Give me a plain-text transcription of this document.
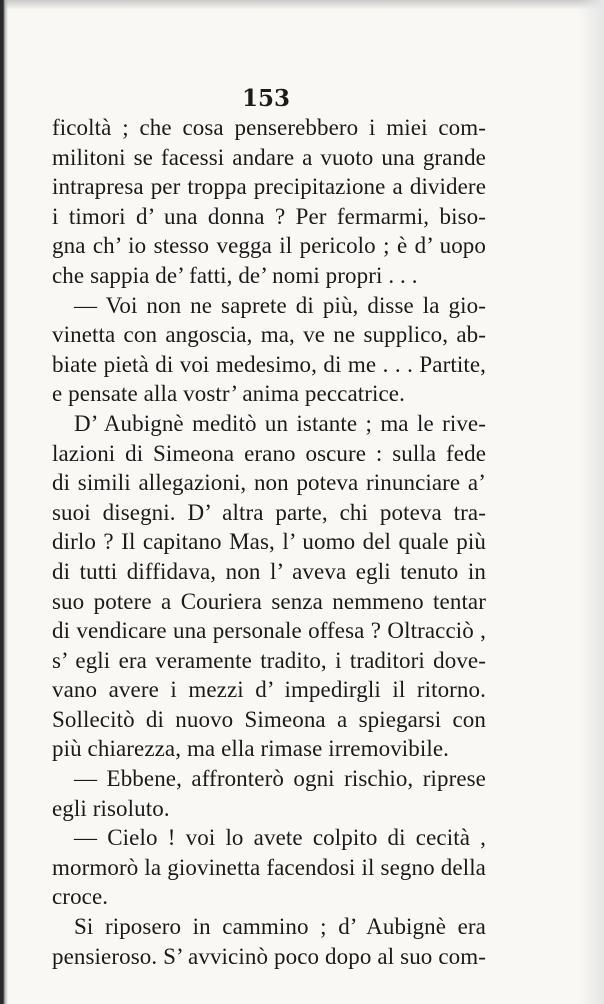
153
ficoltà ; che cosa penserebbero i miei com-
militoni se facessi andare a vuoto una grande
intrapresa per troppa precipitazione a dividere
i timori d’ una donna ? Per fermarmi, biso-
gna ch’ io stesso vegga il pericolo ; è d’ uopo
che sappia de’ fatti, de’ nomi propri . . .
— Voi non ne saprete di più, disse la gio-
vinetta con angoscia, ma, ve ne supplico, ab-
biate pietà di voi medesimo, di me . . . Partite,
e pensate alla vostr’ anima peccatrice.
D’ Aubignè meditò un istante ; ma le rive-
lazioni di Simeona erano oscure : sulla fede
di simili allegazioni, non poteva rinunciare a’
suoi disegni. D’ altra parte, chi poteva tra-
dirlo ? Il capitano Mas, l’ uomo del quale più
di tutti diffidava, non l’ aveva egli tenuto in
suo potere a Couriera senza nemmeno tentar
di vendicare una personale offesa ? Oltracciò ,
s’ egli era veramente tradito, i traditori dove-
vano avere i mezzi d’ impedirgli il ritorno.
Sollecitò di nuovo Simeona a spiegarsi con
più chiarezza, ma ella rimase irremovibile.
— Ebbene, affronterò ogni rischio, riprese
egli risoluto.
— Cielo ! voi lo avete colpito di cecità ,
mormorò la giovinetta facendosi il segno della
croce.
Si riposero in cammino ; d’ Aubignè era
pensieroso. S’ avvicinò poco dopo al suo com-
